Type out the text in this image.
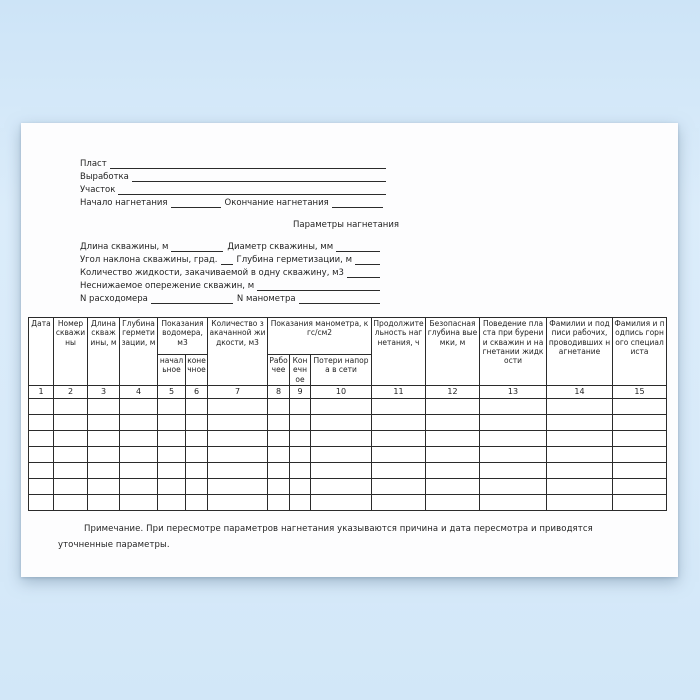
Пласт
Выработка
Участок
Начало нагнетания	Окончание нагнетания
Параметры нагнетания
Длина скважины, м	Диаметр скважины, мм
Угол наклона скважины, град. Глубина герметизации, м
Количество жидкости, закачиваемой в одну скважину, м3
Неснижаемое опережение скважин, м
N расходомера	N манометра
Дата	Номер скважины	Длина скважины, м	Глубина герметизации, м	Показания водомера, м3		Количество закачанной жидкости, м3	Показания манометра, кгс/см2			Продолжительность нагнетания, ч	Безопасная глубина выемки, м	Поведение пласта при бурении скважин и нагнетании жидкости	Фамилии и подписи рабочих, проводивших нагнетание	Фамилия и подпись горного специалиста
				начальное	конечное		Рабочее	Конечное	Потери напора в сети					
1	2	3	4	5	6	7	8	9	10	11	12	13	14	15

Примечание. При пересмотре параметров нагнетания указываются причина и дата пересмотра и приводятся уточненные параметры.
